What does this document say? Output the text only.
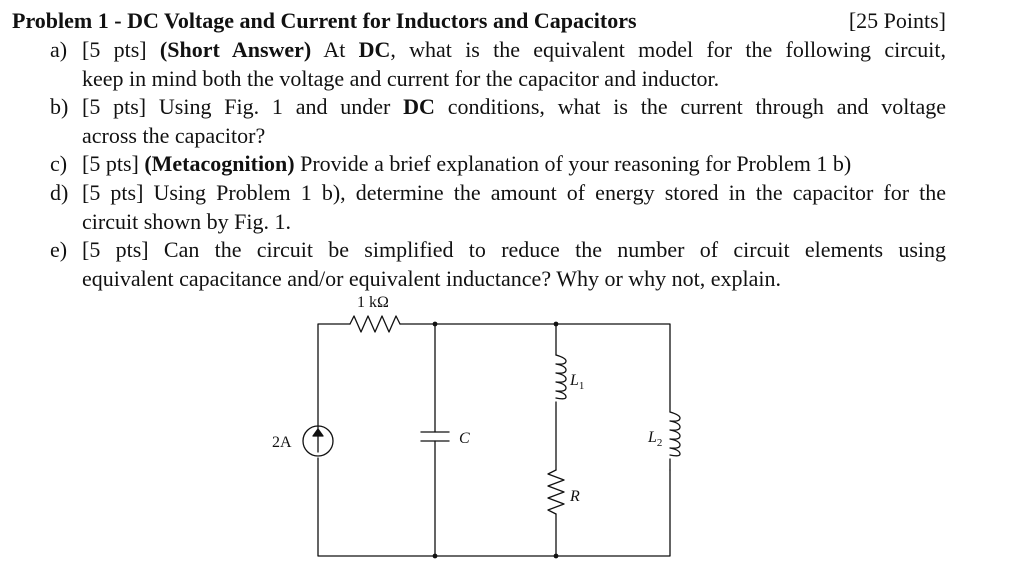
Problem 1 - DC Voltage and Current for Inductors and Capacitors	[25 Points]
a) [5 pts] (Short Answer) At DC, what is the equivalent model for the following circuit,
keep in mind both the voltage and current for the capacitor and inductor.
b) [5 pts] Using Fig. 1 and under DC conditions, what is the current through and voltage
across the capacitor?
c) [5 pts] (Metacognition) Provide a brief explanation of your reasoning for Problem 1 b)
d) [5 pts] Using Problem 1 b), determine the amount of energy stored in the capacitor for the
circuit shown by Fig. 1.
e) [5 pts] Can the circuit be simplified to reduce the number of circuit elements using
equivalent capacitance and/or equivalent inductance? Why or why not, explain.
1 kΩ
2A	C
$L_1$
R
$L_2$
